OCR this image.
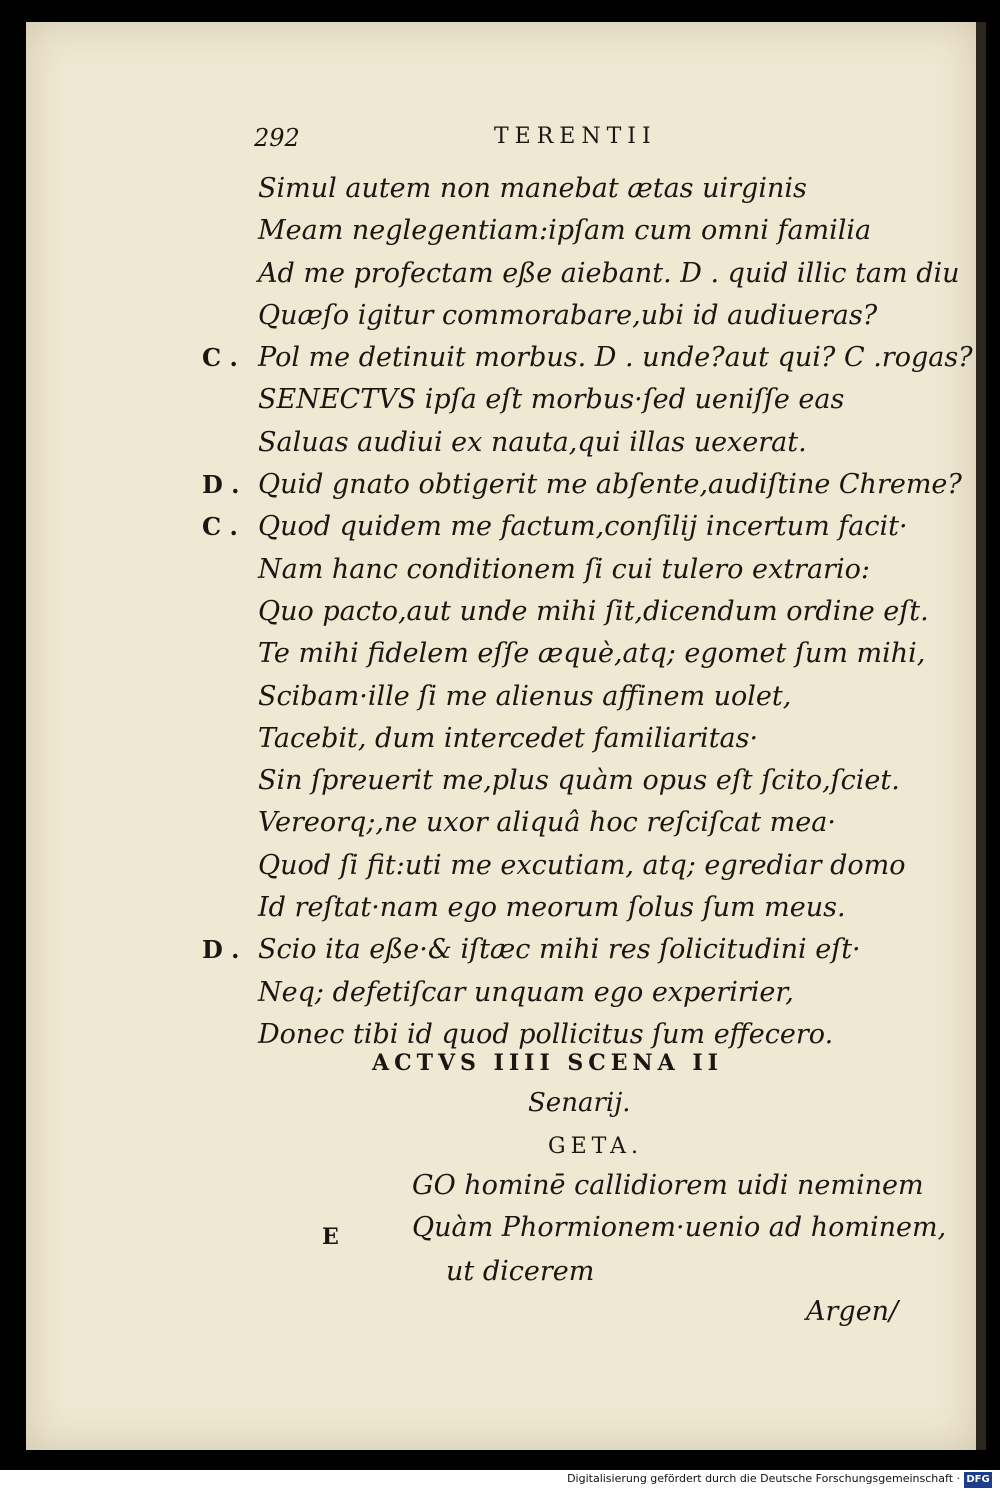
292	TERENTII
Simul autem non manebat ætas uirginis
Meam neglegentiam:ipſam cum omni familia
Ad me profectam eße aiebant. D . quid illic tam diu
Quæſo igitur commorabare,ubi id audiueras?
C . Pol me detinuit morbus. D . unde?aut qui? C .rogas?
SENECTVS ipſa eſt morbus·ſed ueniſſe eas
Saluas audiui ex nauta,qui illas uexerat.
D . Quid gnato obtigerit me abſente,audiſtine Chreme?
C . Quod quidem me factum,conſilij incertum facit·
Nam hanc conditionem ſi cui tulero extrario:
Quo pacto,aut unde mihi ſit,dicendum ordine eſt.
Te mihi fidelem eſſe æquè,atq; egomet ſum mihi,
Scibam·ille ſi me alienus affinem uolet,
Tacebit, dum intercedet familiaritas·
Sin ſpreuerit me,plus quàm opus eſt ſcito,ſciet.
Vereorq;,ne uxor aliquâ hoc reſciſcat mea·
Quod ſi fit:uti me excutiam, atq; egrediar domo
Id reſtat·nam ego meorum ſolus ſum meus.
D . Scio ita eße·& iſtæc mihi res ſolicitudini eſt·
Neq; defetiſcar unquam ego experirier,
Donec tibi id quod pollicitus ſum effecero.
ACTVS IIII SCENA II
Senarij.
GETA.
E
GO hominē callidiorem uidi neminem
Quàm Phormionem·uenio ad hominem,
ut dicerem
Argen/
Digitalisierung gefördert durch die Deutsche Forschungsgemeinschaft · DFG
